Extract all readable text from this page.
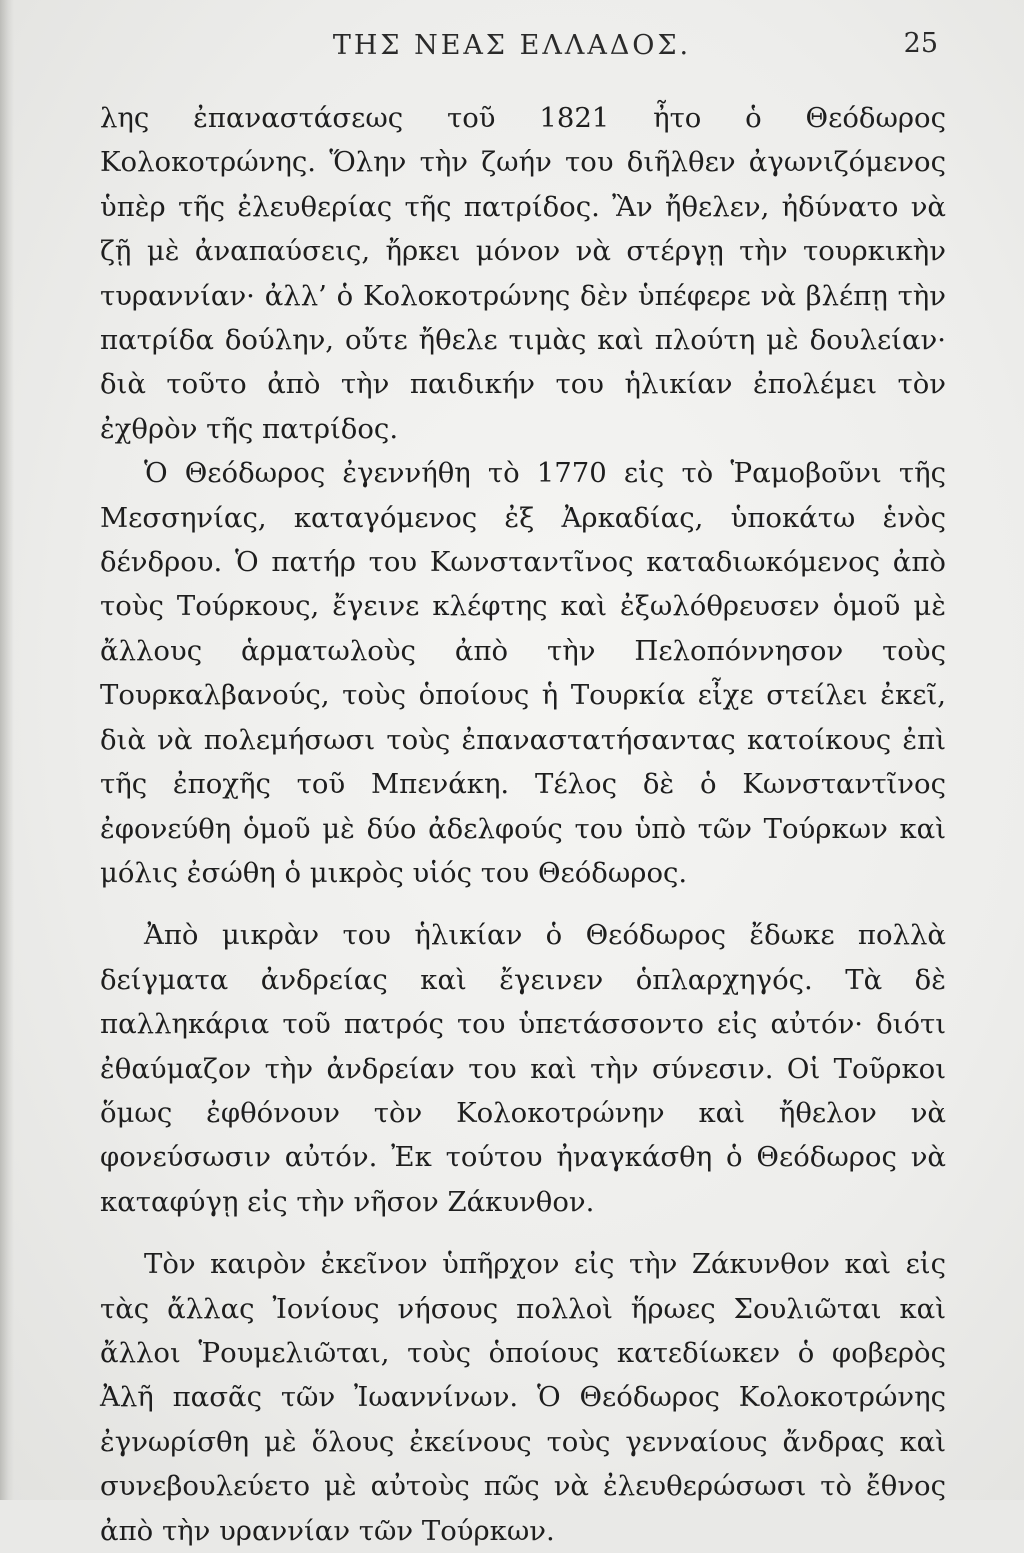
ΤΗΣ ΝΕΑΣ ΕΛΛΑΔΟΣ.	25

λης ἐπαναστάσεως τοῦ 1821 ἦτο ὁ Θεόδωρος Κολοκοτρώνης. Ὅλην τὴν ζωήν του διῆλθεν ἀγωνιζόμενος ὑπὲρ τῆς ἐλευθερίας τῆς πατρίδος. Ἂν ἤθελεν, ἠδύνατο νὰ ζῇ μὲ ἀναπαύσεις, ἤρκει μόνον νὰ στέργῃ τὴν τουρκικὴν τυραννίαν· ἀλλ’ ὁ Κολοκοτρώνης δὲν ὑπέφερε νὰ βλέπῃ τὴν πατρίδα δούλην, οὔτε ἤθελε τιμὰς καὶ πλούτη μὲ δουλείαν· διὰ τοῦτο ἀπὸ τὴν παιδικήν του ἡλικίαν ἐπολέμει τὸν ἐχθρὸν τῆς πατρίδος.

Ὁ Θεόδωρος ἐγεννήθη τὸ 1770 εἰς τὸ Ῥαμοβοῦνι τῆς Μεσσηνίας, καταγόμενος ἐξ Ἀρκαδίας, ὑποκάτω ἑνὸς δένδρου. Ὁ πατήρ του Κωνσταντῖνος καταδιωκόμενος ἀπὸ τοὺς Τούρκους, ἔγεινε κλέφτης καὶ ἐξωλόθρευσεν ὁμοῦ μὲ ἄλλους ἁρματωλοὺς ἀπὸ τὴν Πελοπόννησον τοὺς Τουρκαλβανούς, τοὺς ὁποίους ἡ Τουρκία εἶχε στείλει ἐκεῖ, διὰ νὰ πολεμήσωσι τοὺς ἐπαναστατήσαντας κατοίκους ἐπὶ τῆς ἐποχῆς τοῦ Μπενάκη. Τέλος δὲ ὁ Κωνσταντῖνος ἐφονεύθη ὁμοῦ μὲ δύο ἀδελφούς του ὑπὸ τῶν Τούρκων καὶ μόλις ἐσώθη ὁ μικρὸς υἱός του Θεόδωρος.

Ἀπὸ μικρὰν του ἡλικίαν ὁ Θεόδωρος ἔδωκε πολλὰ δείγματα ἀνδρείας καὶ ἔγεινεν ὁπλαρχηγός. Τὰ δὲ παλληκάρια τοῦ πατρός του ὑπετάσσοντο εἰς αὐτόν· διότι ἐθαύμαζον τὴν ἀνδρείαν του καὶ τὴν σύνεσιν. Οἱ Τοῦρκοι ὅμως ἐφθόνουν τὸν Κολοκοτρώνην καὶ ἤθελον νὰ φονεύσωσιν αὐτόν. Ἐκ τούτου ἠναγκάσθη ὁ Θεόδωρος νὰ καταφύγῃ εἰς τὴν νῆσον Ζάκυνθον.

Τὸν καιρὸν ἐκεῖνον ὑπῆρχον εἰς τὴν Ζάκυνθον καὶ εἰς τὰς ἄλλας Ἰονίους νήσους πολλοὶ ἥρωες Σουλιῶται καὶ ἄλλοι Ῥουμελιῶται, τοὺς ὁποίους κατεδίωκεν ὁ φοβερὸς Ἀλῆ πασᾶς τῶν Ἰωαννίνων. Ὁ Θεόδωρος Κολοκοτρώνης ἐγνωρίσθη μὲ ὅλους ἐκείνους τοὺς γενναίους ἄνδρας καὶ συνεβουλεύετο μὲ αὐτοὺς πῶς νὰ ἐλευθερώσωσι τὸ ἔθνος ἀπὸ τὴν υραννίαν τῶν Τούρκων.
